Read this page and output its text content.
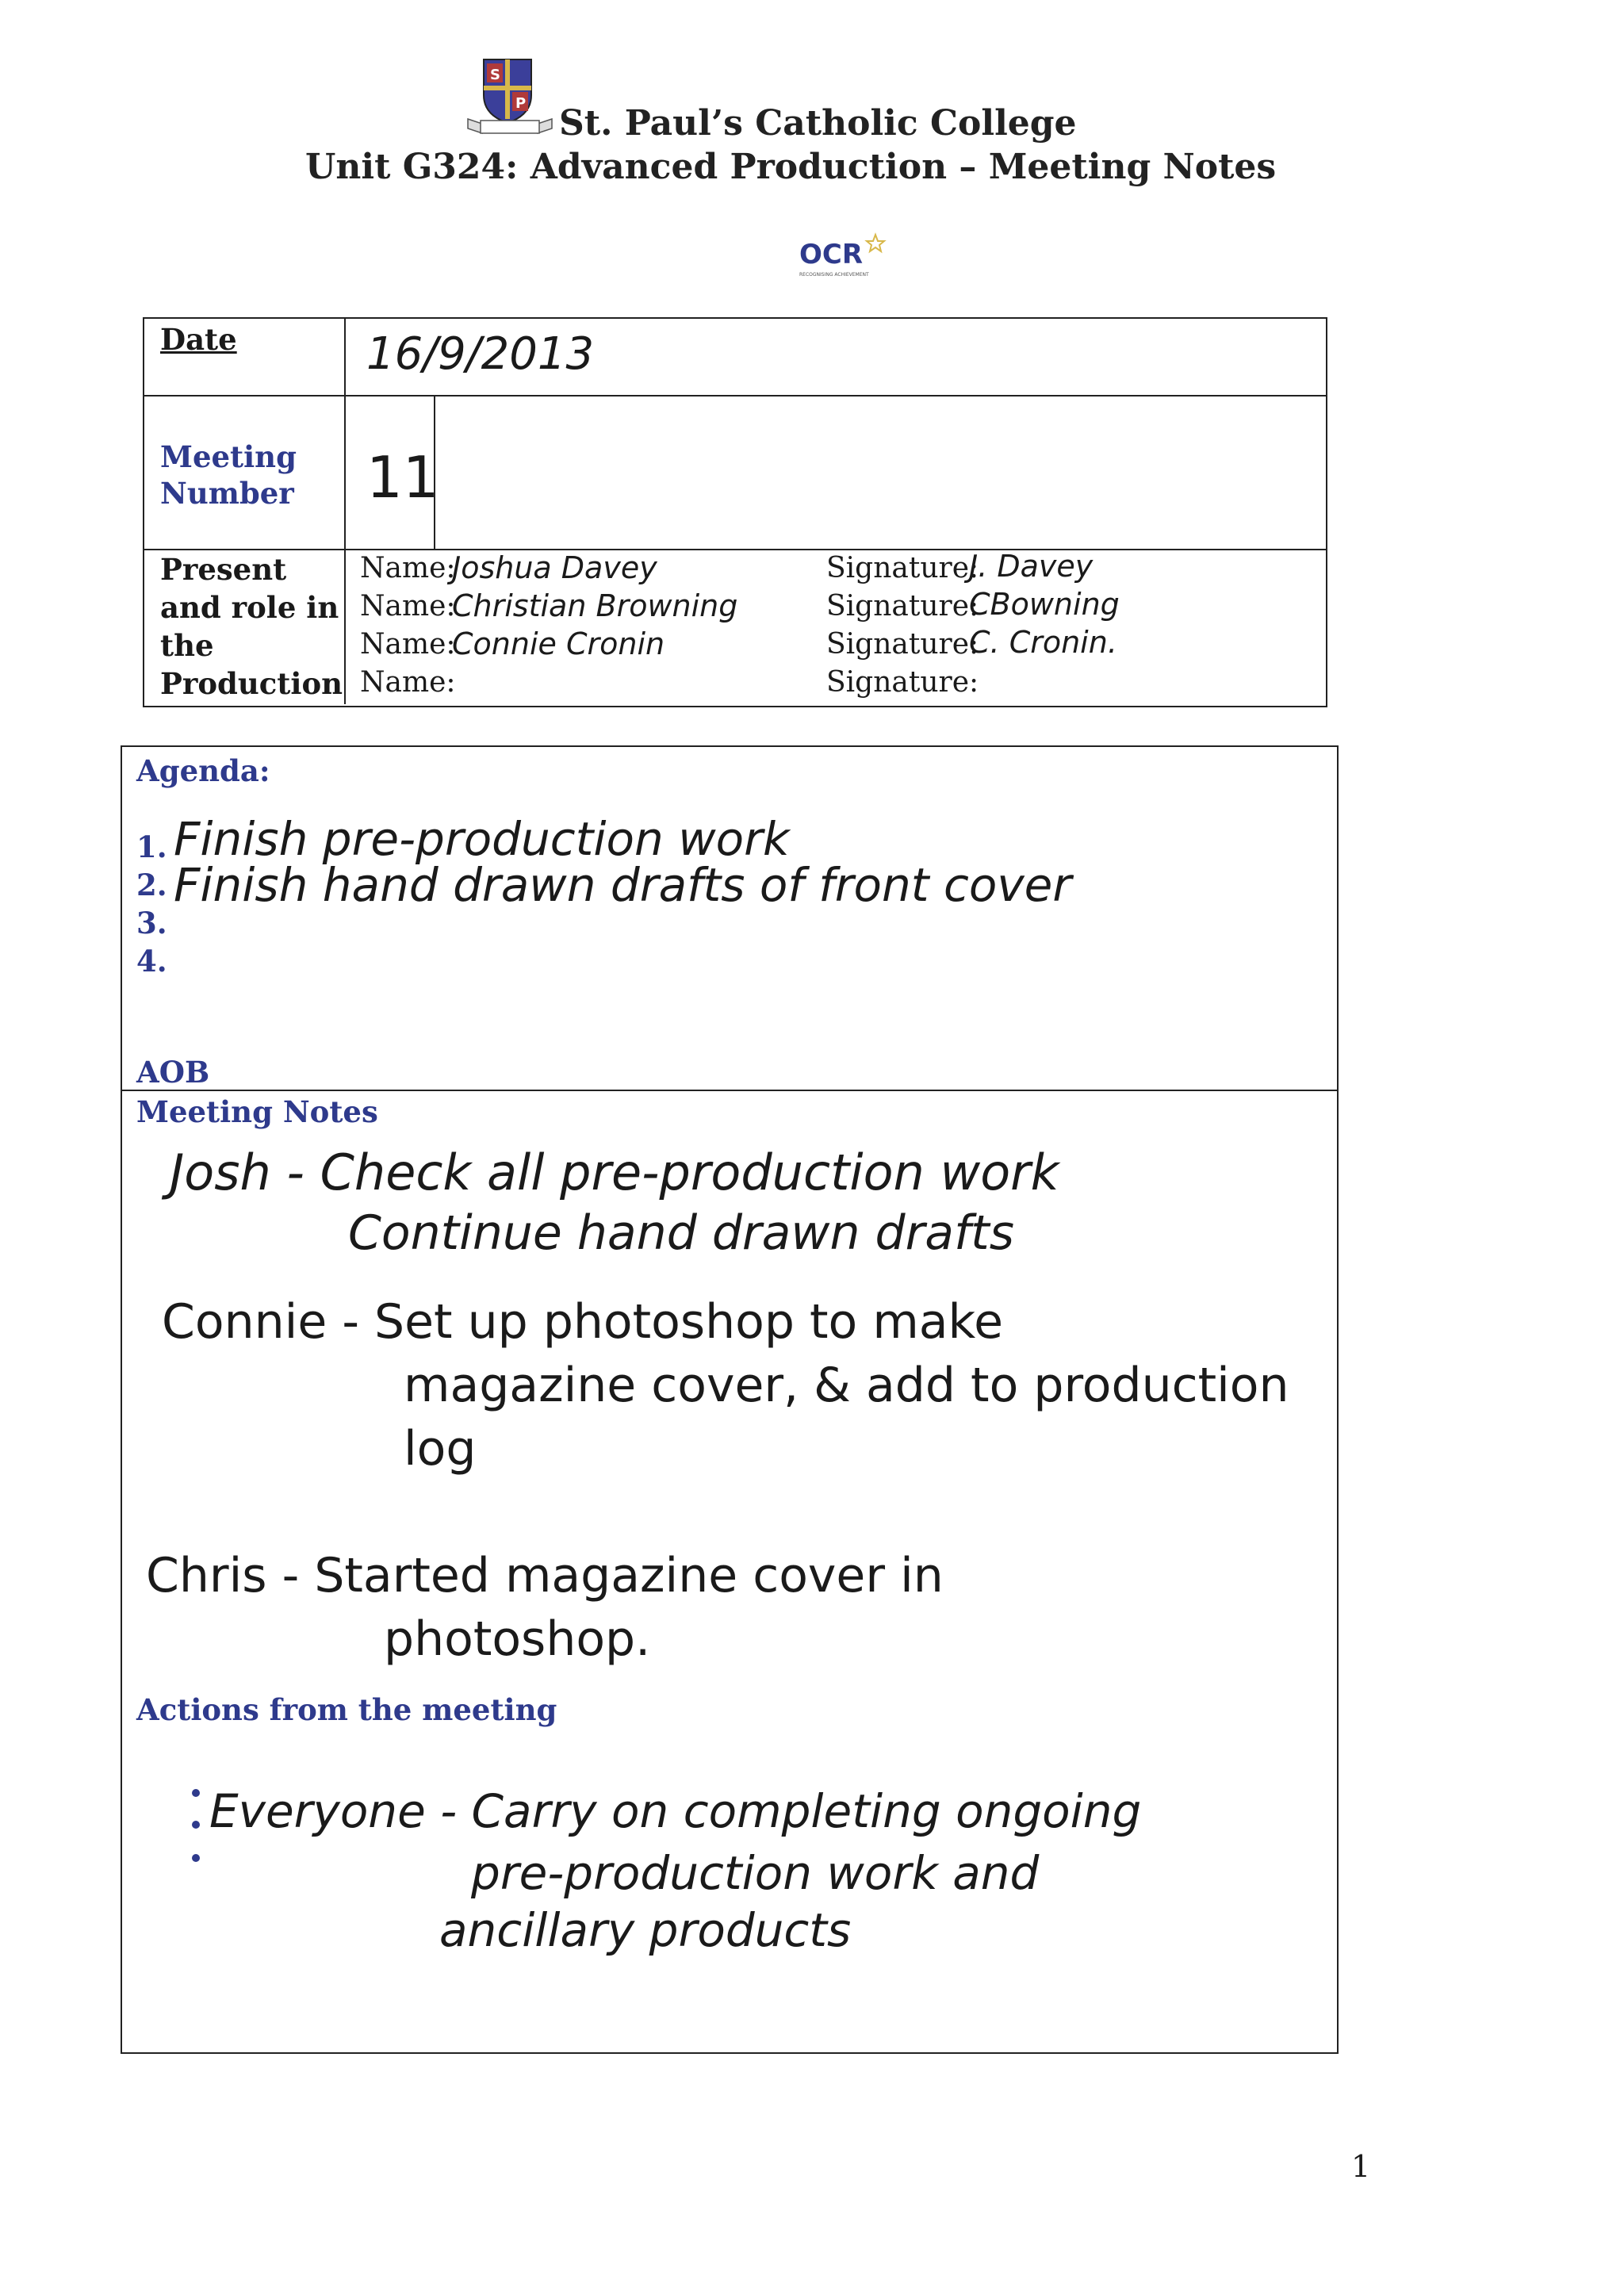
S
P St. Paul’s Catholic College
Unit G324: Advanced Production – Meeting Notes
OCR
RECOGNISING ACHIEVEMENT
Date	16/9/2013
Meeting
Number 11
Present
and role in
the
Production
Name:
Joshua Davey
Name:
Christian Browning
Name:
Connie Cronin
Name:
Signature:
J. Davey
Signature:
CBowning
Signature:
C. Cronin.
Signature:
Agenda:
1. Finish pre-production work
2. Finish hand drawn drafts of front cover
3.
4.
AOB
Meeting Notes
Josh - Check all pre-production work
Continue hand drawn drafts
Connie - Set up photoshop to make
magazine cover, & add to production
log
Chris - Started magazine cover in
photoshop.
Actions from the meeting
Everyone - Carry on completing ongoing
pre-production work and
ancillary products
1
